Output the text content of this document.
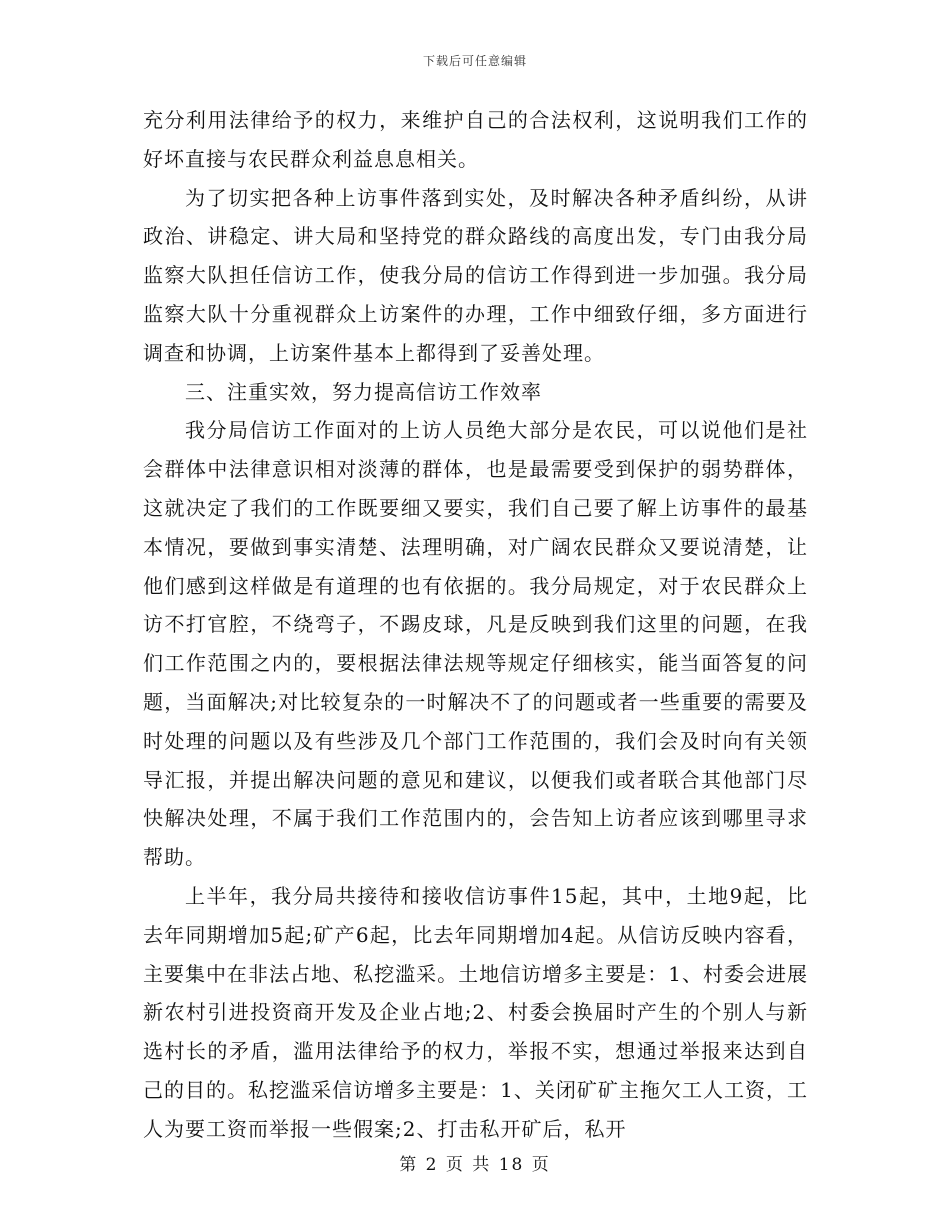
下载后可任意编辑

充分利用法律给予的权力，来维护自己的合法权利，这说明我们工作的好坏直接与农民群众利益息息相关。

为了切实把各种上访事件落到实处，及时解决各种矛盾纠纷，从讲政治、讲稳定、讲大局和坚持党的群众路线的高度出发，专门由我分局监察大队担任信访工作，使我分局的信访工作得到进一步加强。我分局监察大队十分重视群众上访案件的办理，工作中细致仔细，多方面进行调查和协调，上访案件基本上都得到了妥善处理。

三、注重实效，努力提高信访工作效率

我分局信访工作面对的上访人员绝大部分是农民，可以说他们是社会群体中法律意识相对淡薄的群体，也是最需要受到保护的弱势群体，这就决定了我们的工作既要细又要实，我们自己要了解上访事件的最基本情况，要做到事实清楚、法理明确，对广阔农民群众又要说清楚，让他们感到这样做是有道理的也有依据的。我分局规定，对于农民群众上访不打官腔，不绕弯子，不踢皮球，凡是反映到我们这里的问题，在我们工作范围之内的，要根据法律法规等规定仔细核实，能当面答复的问题，当面解决;对比较复杂的一时解决不了的问题或者一些重要的需要及时处理的问题以及有些涉及几个部门工作范围的，我们会及时向有关领导汇报，并提出解决问题的意见和建议，以便我们或者联合其他部门尽快解决处理，不属于我们工作范围内的，会告知上访者应该到哪里寻求帮助。

上半年，我分局共接待和接收信访事件15起，其中，土地9起，比去年同期增加5起;矿产6起，比去年同期增加4起。从信访反映内容看，主要集中在非法占地、私挖滥采。土地信访增多主要是：1、村委会进展新农村引进投资商开发及企业占地;2、村委会换届时产生的个别人与新选村长的矛盾，滥用法律给予的权力，举报不实，想通过举报来达到自己的目的。私挖滥采信访增多主要是：1、关闭矿矿主拖欠工人工资，工人为要工资而举报一些假案;2、打击私开矿后，私开

第 2 页 共 18 页
